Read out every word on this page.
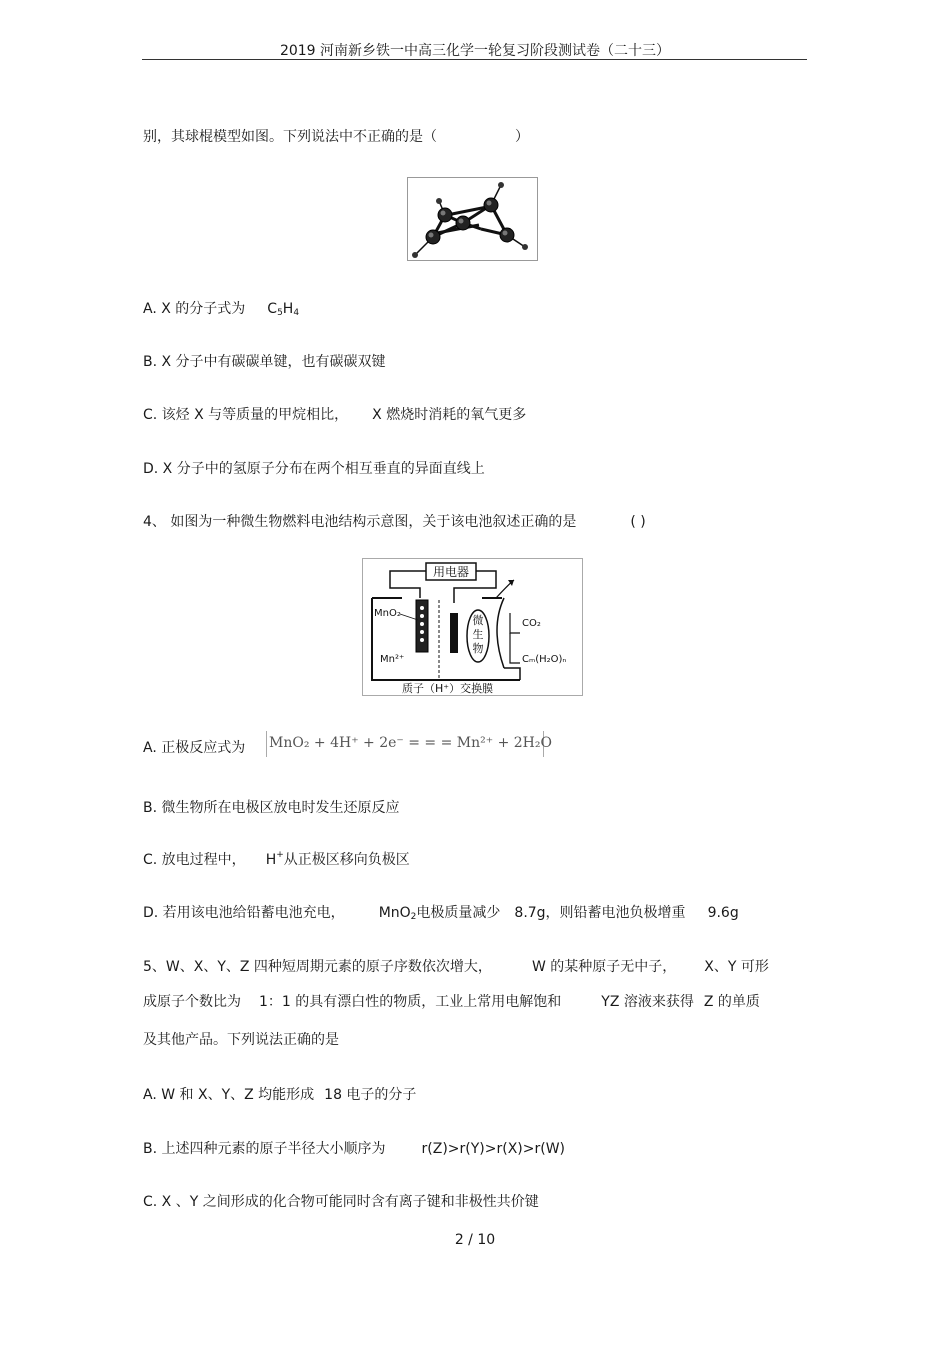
2019 河南新乡铁一中高三化学一轮复习阶段测试卷（二十三）
别，其球棍模型如图。下列说法中不正确的是（	）
A. X 的分子式为 $C_5H_4$
B. X 分子中有碳碳单键，也有碳碳双键
C. 该烃 X 与等质量的甲烷相比， X 燃烧时消耗的氧气更多
D. X 分子中的氢原子分布在两个相互垂直的异面直线上
4、 如图为一种微生物燃料电池结构示意图，关于该电池叙述正确的是	( )
用电器
微
生
物
MnO₂
Mn²⁺
CO₂
Cₘ(H₂O)ₙ
质子（H⁺）交换膜
A. 正极反应式为 MnO₂ + 4H⁺ + 2e⁻ = = = Mn²⁺ + 2H₂O
B. 微生物所在电极区放电时发生还原反应
C. 放电过程中， H+从正极区移向负极区
D. 若用该电池给铅蓄电池充电， MnO$_2$电极质量减少 8.7g，则铅蓄电池负极增重 9.6g
5、W、X、Y、Z 四种短周期元素的原子序数依次增大，	W 的某种原子无中子， X、Y 可形
成原子个数比为 1：1 的具有漂白性的物质，工业上常用电解饱和	YZ 溶液来获得 Z 的单质
及其他产品。下列说法正确的是
A. W 和 X、Y、Z 均能形成 18 电子的分子
B. 上述四种元素的原子半径大小顺序为	r(Z)>r(Y)>r(X)>r(W)
C. X 、Y 之间形成的化合物可能同时含有离子键和非极性共价键
2 / 10
